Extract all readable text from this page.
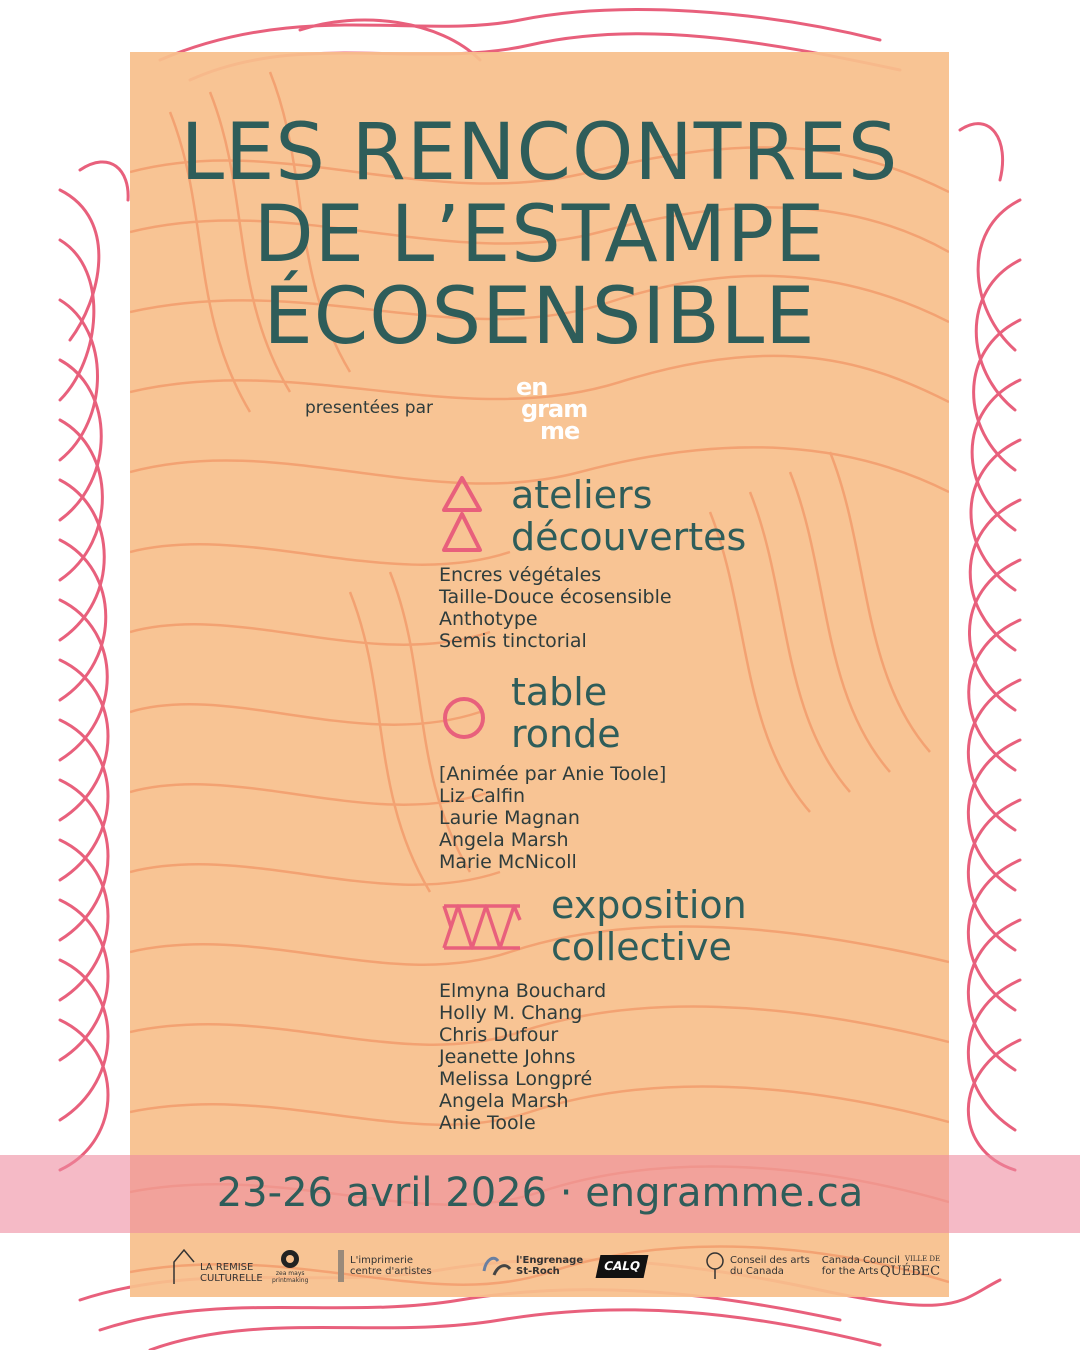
LES RENCONTRES
DE L’ESTAMPE
ÉCOSENSIBLE
presentées par
en
gram
me
ateliers
découvertes
Encres végétales
Taille-Douce écosensible
Anthotype
Semis tinctorial
table
ronde
[Animée par Anie Toole]
Liz Calfin
Laurie Magnan
Angela Marsh
Marie McNicoll
exposition
collective
Elmyna Bouchard
Holly M. Chang
Chris Dufour
Jeanette Johns
Melissa Longpré
Angela Marsh
Anie Toole
23-26 avril 2026 · engramme.ca
LA REMISE
CULTURELLE zea mays
printmaking
L'imprimerie
centre d'artistes
l'Engrenage
St-Roch	CALQ	Conseil des arts
du Canada
Canada Council
for the Arts
VILLE DE
QUÉBEC
